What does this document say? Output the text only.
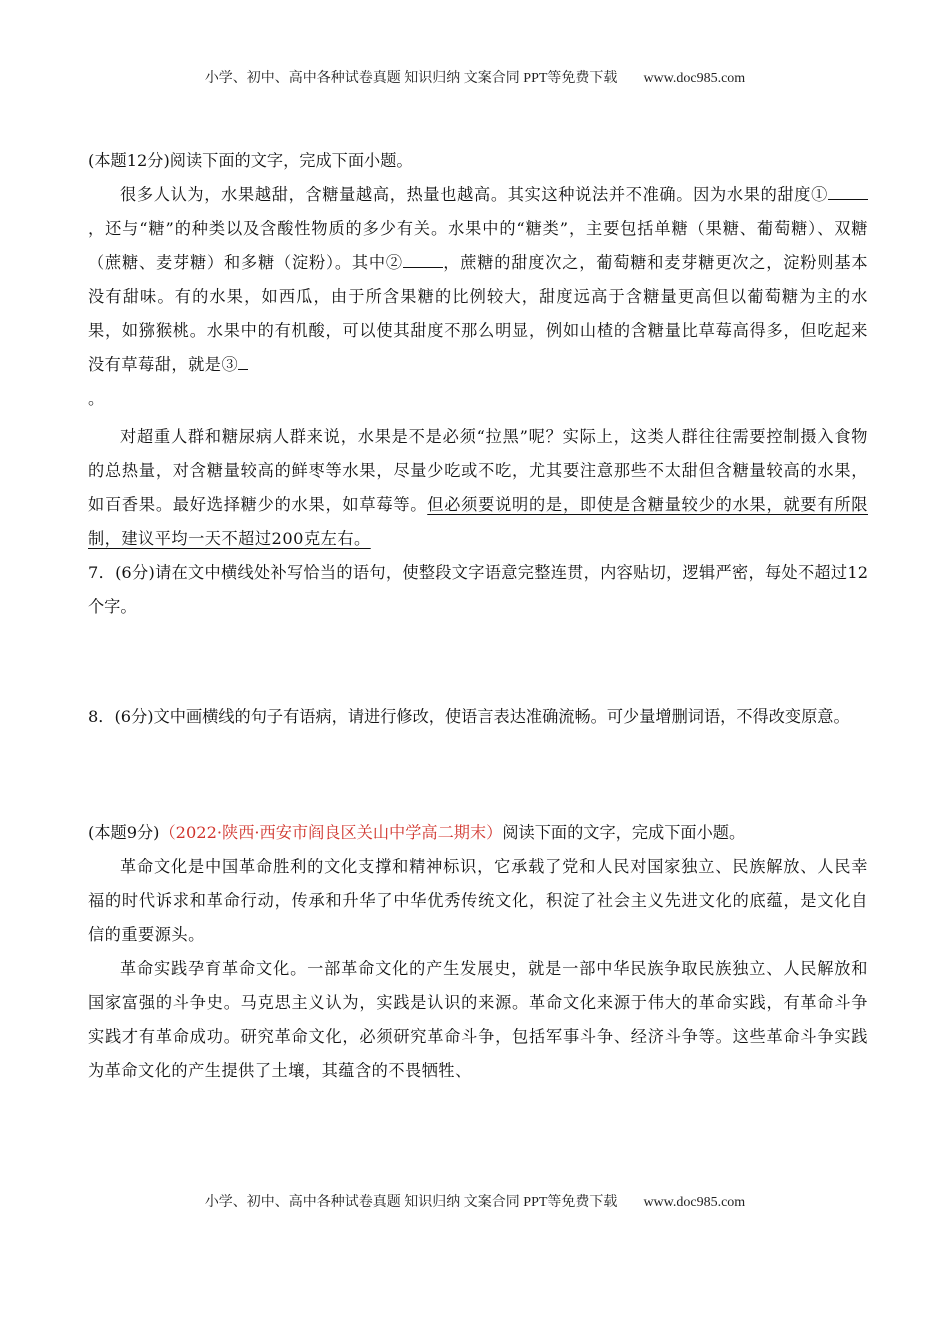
小学、初中、高中各种试卷真题 知识归纳 文案合同 PPT等免费下载 www.doc985.com

(本题12分)阅读下面的文字，完成下面小题。

很多人认为，水果越甜，含糖量越高，热量也越高。其实这种说法并不准确。因为水果的甜度①，还与“糖”的种类以及含酸性物质的多少有关。水果中的“糖类”，主要包括单糖（果糖、葡萄糖）、双糖（蔗糖、麦芽糖）和多糖（淀粉）。其中② ，蔗糖的甜度次之，葡萄糖和麦芽糖更次之，淀粉则基本没有甜味。有的水果，如西瓜，由于所含果糖的比例较大，甜度远高于含糖量更高但以葡萄糖为主的水果，如猕猴桃。水果中的有机酸，可以使其甜度不那么明显，例如山楂的含糖量比草莓高得多，但吃起来没有草莓甜，就是③
。

对超重人群和糖尿病人群来说，水果是不是必须“拉黑”呢？实际上，这类人群往往需要控制摄入食物的总热量，对含糖量较高的鲜枣等水果，尽量少吃或不吃，尤其要注意那些不太甜但含糖量较高的水果，如百香果。最好选择糖少的水果，如草莓等。但必须要说明的是，即使是含糖量较少的水果，就要有所限制，建议平均一天不超过200克左右。

7．(6分)请在文中横线处补写恰当的语句，使整段文字语意完整连贯，内容贴切，逻辑严密，每处不超过12个字。

8．(6分)文中画横线的句子有语病，请进行修改，使语言表达准确流畅。可少量增删词语，不得改变原意。

(本题9分)（2022·陕西·西安市阎良区关山中学高二期末）阅读下面的文字，完成下面小题。

革命文化是中国革命胜利的文化支撑和精神标识，它承载了党和人民对国家独立、民族解放、人民幸福的时代诉求和革命行动，传承和升华了中华优秀传统文化，积淀了社会主义先进文化的底蕴，是文化自信的重要源头。

革命实践孕育革命文化。一部革命文化的产生发展史，就是一部中华民族争取民族独立、人民解放和国家富强的斗争史。马克思主义认为，实践是认识的来源。革命文化来源于伟大的革命实践，有革命斗争实践才有革命成功。研究革命文化，必须研究革命斗争，包括军事斗争、经济斗争等。这些革命斗争实践为革命文化的产生提供了土壤，其蕴含的不畏牺牲、

小学、初中、高中各种试卷真题 知识归纳 文案合同 PPT等免费下载 www.doc985.com
